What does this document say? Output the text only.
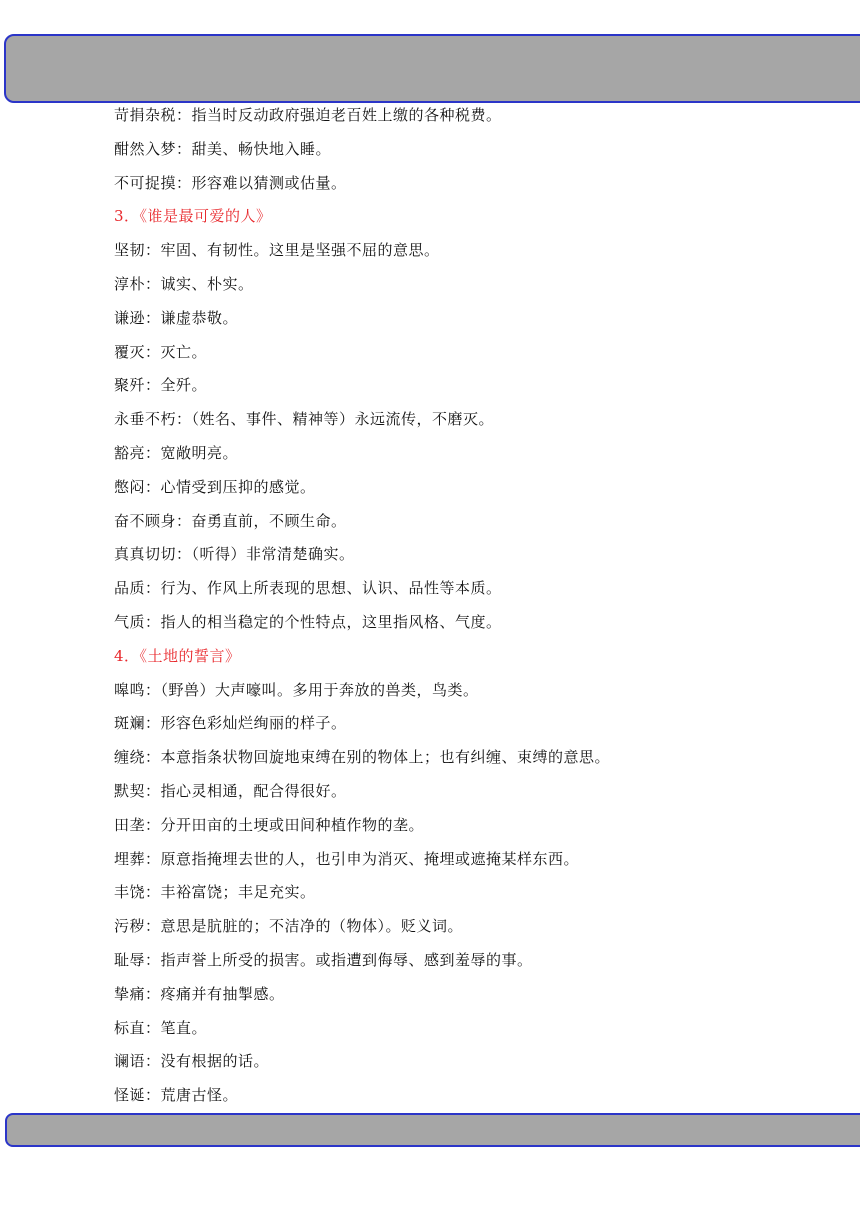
苛捐杂税：指当时反动政府强迫老百姓上缴的各种税费。
酣然入梦：甜美、畅快地入睡。
不可捉摸：形容难以猜测或估量。
3．《谁是最可爱的人》
坚韧：牢固、有韧性。这里是坚强不屈的意思。
淳朴：诚实、朴实。
谦逊：谦虚恭敬。
覆灭：灭亡。
聚歼：全歼。
永垂不朽：（姓名、事件、精神等）永远流传，不磨灭。
豁亮：宽敞明亮。
憋闷：心情受到压抑的感觉。
奋不顾身：奋勇直前，不顾生命。
真真切切：（听得）非常清楚确实。
品质：行为、作风上所表现的思想、认识、品性等本质。
气质：指人的相当稳定的个性特点，这里指风格、气度。
4．《土地的誓言》
嗥鸣：（野兽）大声嚎叫。多用于奔放的兽类，鸟类。
斑斓：形容色彩灿烂绚丽的样子。
缠绕：本意指条状物回旋地束缚在别的物体上；也有纠缠、束缚的意思。
默契：指心灵相通，配合得很好。
田垄：分开田亩的土埂或田间种植作物的垄。
埋葬：原意指掩埋去世的人，也引申为消灭、掩埋或遮掩某样东西。
丰饶：丰裕富饶；丰足充实。
污秽：意思是肮脏的；不洁净的（物体）。贬义词。
耻辱：指声誉上所受的损害。或指遭到侮辱、感到羞辱的事。
挚痛：疼痛并有抽掣感。
标直：笔直。
谰语：没有根据的话。
怪诞：荒唐古怪。
